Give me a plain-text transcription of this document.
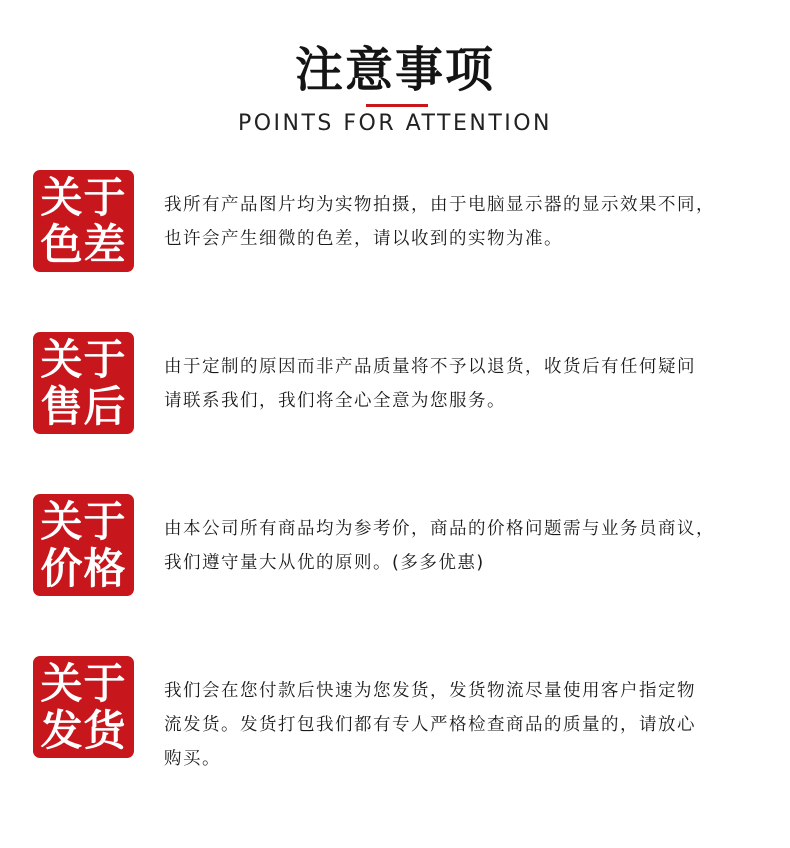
注意事项
POINTS FOR ATTENTION
关于
色差
我所有产品图片均为实物拍摄，由于电脑显示器的显示效果不同，
也许会产生细微的色差，请以收到的实物为准。
关于
售后
由于定制的原因而非产品质量将不予以退货，收货后有任何疑问
请联系我们，我们将全心全意为您服务。
关于
价格
由本公司所有商品均为参考价，商品的价格问题需与业务员商议，
我们遵守量大从优的原则。(多多优惠)
关于
发货
我们会在您付款后快速为您发货，发货物流尽量使用客户指定物
流发货。发货打包我们都有专人严格检查商品的质量的，请放心
购买。
